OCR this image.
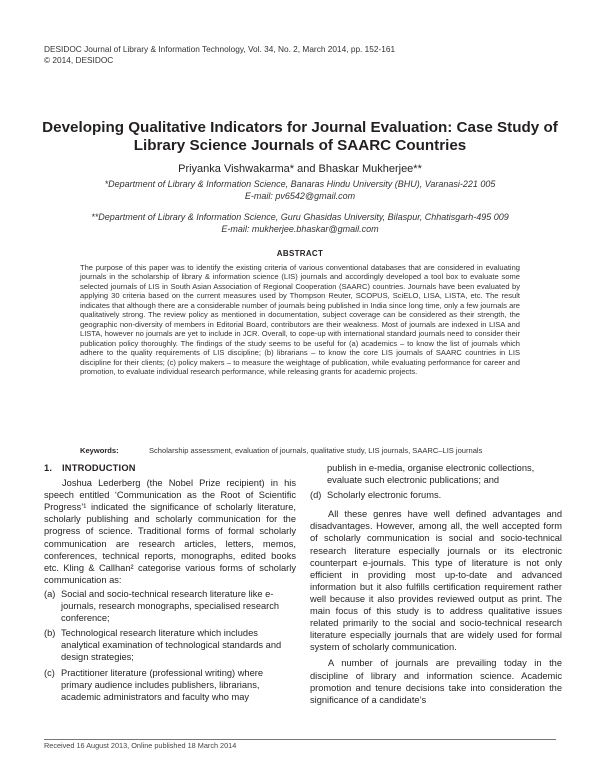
DESIDOC Journal of Library & Information Technology, Vol. 34, No. 2, March 2014, pp. 152-161
© 2014, DESIDOC
Developing Qualitative Indicators for Journal Evaluation: Case Study of Library Science Journals of SAARC Countries
Priyanka Vishwakarma* and Bhaskar Mukherjee**
*Department of Library & Information Science, Banaras Hindu University (BHU), Varanasi-221 005
E-mail: pv6542@gmail.com
**Department of Library & Information Science, Guru Ghasidas University, Bilaspur, Chhatisgarh-495 009
E-mail: mukherjee.bhaskar@gmail.com
ABSTRACT
The purpose of this paper was to identify the existing criteria of various conventional databases that are considered in evaluating journals in the scholarship of library & information science (LIS) journals and accordingly developed a tool box to evaluate some selected journals of LIS in South Asian Association of Regional Cooperation (SAARC) countries. Journals have been evaluated by applying 30 criteria based on the current measures used by Thompson Reuter, SCOPUS, SciELO, LISA, LISTA, etc. The result indicates that although there are a considerable number of journals being published in India since long time, only a few journals are qualitatively strong. The review policy as mentioned in documentation, subject coverage can be considered as their strength, the geographic non-diversity of members in Editorial Board, contributors are their weakness. Most of journals are indexed in LISA and LISTA, however no journals are yet to include in JCR. Overall, to cope-up with international standard journals need to consider their publication policy thoroughly. The findings of the study seems to be useful for (a) academics – to know the list of journals which adhere to the quality requirements of LIS discipline; (b) librarians – to know the core LIS journals of SAARC countries in LIS discipline for their clients; (c) policy makers – to measure the weightage of publication, while evaluating performance for career and promotion, to evaluate individual research performance, while releasing grants for academic projects.
Keywords:	Scholarship assessment, evaluation of journals, qualitative study, LIS journals, SAARC–LIS journals
1. INTRODUCTION

Joshua Lederberg (the Nobel Prize recipient) in his speech entitled ‘Communication as the Root of Scientific Progress’¹ indicated the significance of scholarly literature, scholarly publishing and scholarly communication for the progress of science. Traditional forms of formal scholarly communication are research articles, letters, memos, conferences, technical reports, monographs, edited books etc. Kling & Callhan² categorise various forms of scholarly communication as:

(a) Social and socio-technical research literature like e-journals, research monographs, specialised research conference;
(b) Technological research literature which includes analytical examination of technological standards and design strategies;
(c) Practitioner literature (professional writing) where primary audience includes publishers, librarians, academic administrators and faculty who may
publish in e-media, organise electronic collections, evaluate such electronic publications; and
(d) Scholarly electronic forums.

All these genres have well defined advantages and disadvantages. However, among all, the well accepted form of scholarly communication is social and socio-technical research literature especially journals or its electronic counterpart e-journals. This type of literature is not only efficient in providing most up-to-date and advanced information but it also fulfills certification requirement rather well because it also provides reviewed output as print. The main focus of this study is to address qualitative issues related primarily to the social and socio-technical research literature especially journals that are widely used for formal system of scholarly communication.

A number of journals are prevailing today in the discipline of library and information science. Academic promotion and tenure decisions take into consideration the significance of a candidate’s

Received 16 August 2013, Online published 18 March 2014
